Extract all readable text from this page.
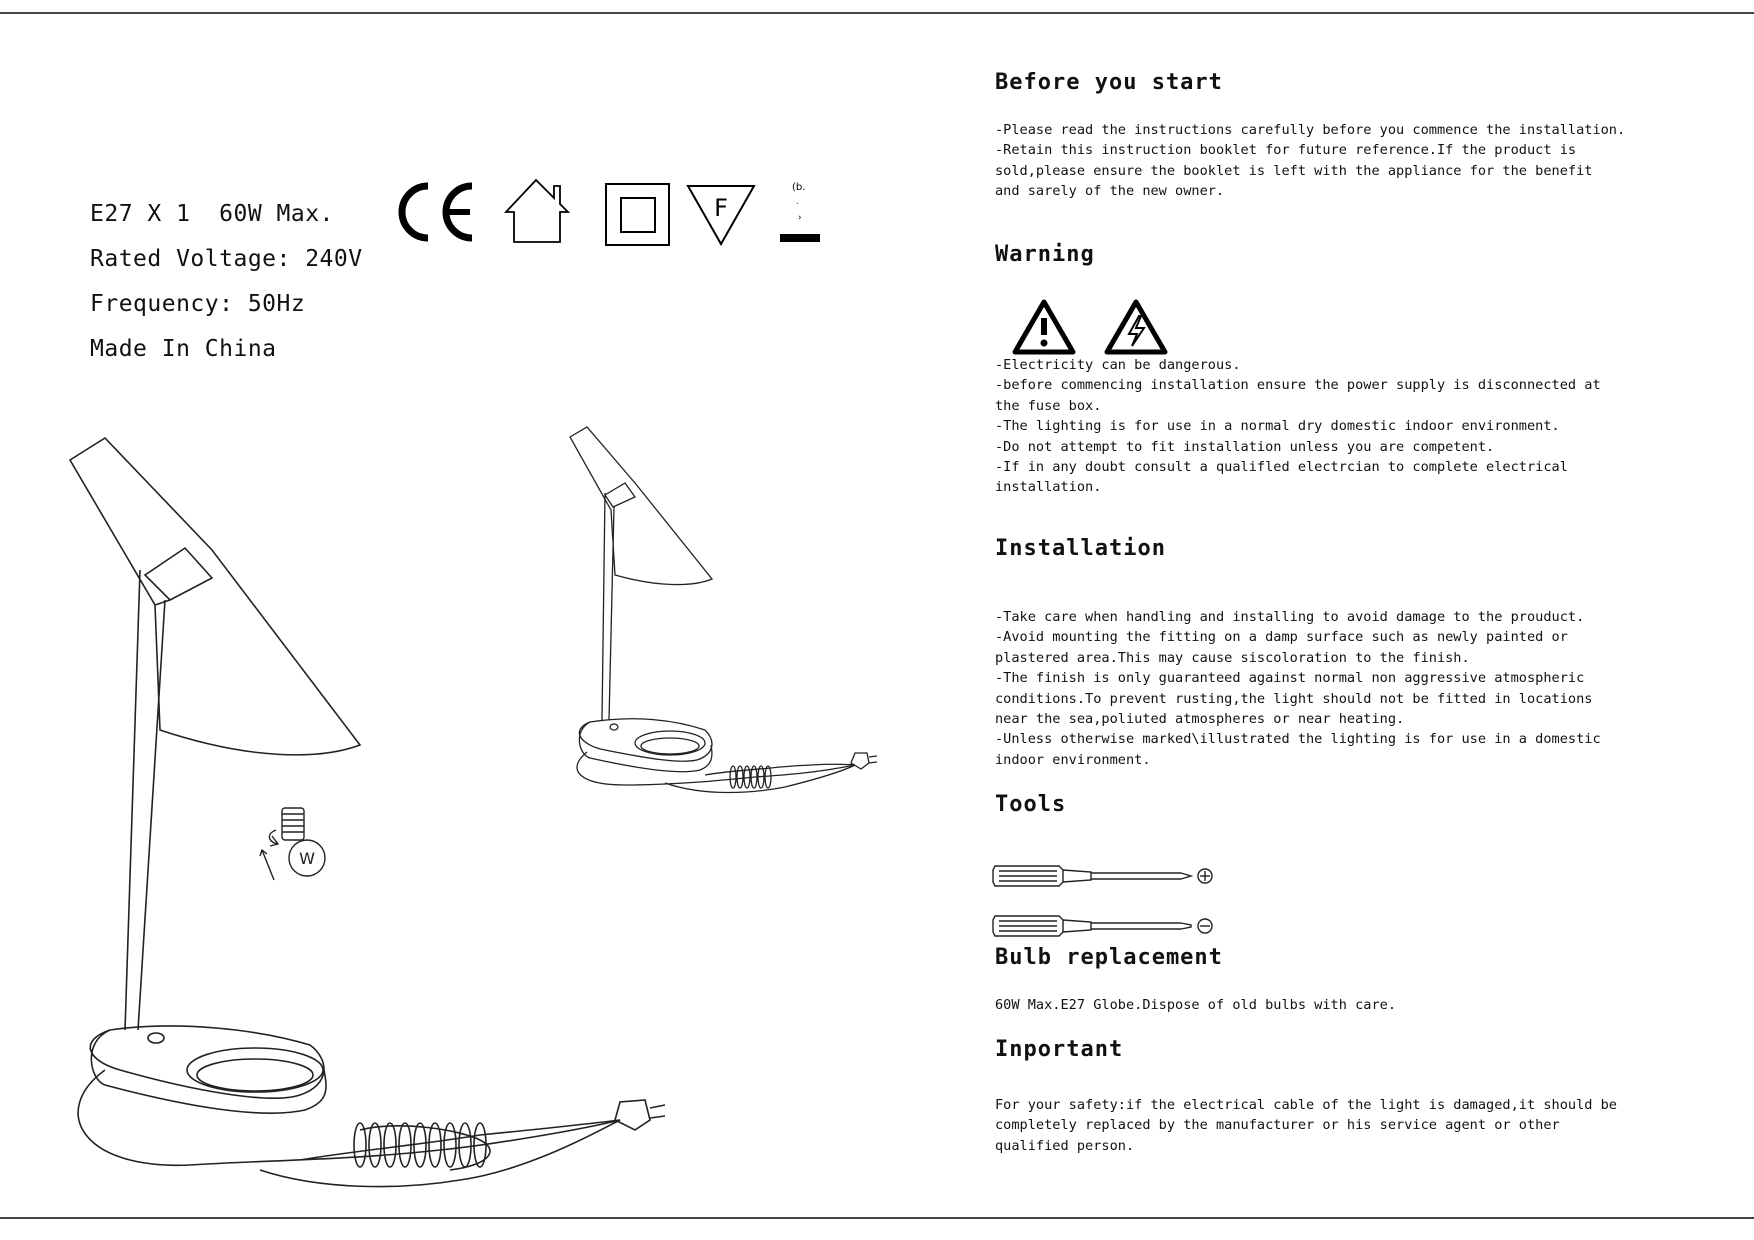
E27 X 1  60W Max.
Rated Voltage: 240V
Frequency: 50Hz
Made In China
F
(b.
.
›
W
Before you start
-Please read the instructions carefully before you commence the installation.
-Retain this instruction booklet for future reference.If the product is
sold,please ensure the booklet is left with the appliance for the benefit
and sarely of the new owner.
Warning
-Electricity can be dangerous.
-before commencing installation ensure the power supply is disconnected at
the fuse box.
-The lighting is for use in a normal dry domestic indoor environment.
-Do not attempt to fit installation unless you are competent.
-If in any doubt consult a qualifled electrcian to complete electrical
installation.
Installation
-Take care when handling and installing to avoid damage to the prouduct.
-Avoid mounting the fitting on a damp surface such as newly painted or
plastered area.This may cause siscoloration to the finish.
-The finish is only guaranteed against normal non aggressive atmospheric
conditions.To prevent rusting,the light should not be fitted in locations
near the sea,poliuted atmospheres or near heating.
-Unless otherwise marked\illustrated the lighting is for use in a domestic
indoor environment.
Tools
Bulb replacement
60W Max.E27 Globe.Dispose of old bulbs with care.
Inportant
For your safety:if the electrical cable of the light is damaged,it should be
completely replaced by the manufacturer or his service agent or other
qualified person.
